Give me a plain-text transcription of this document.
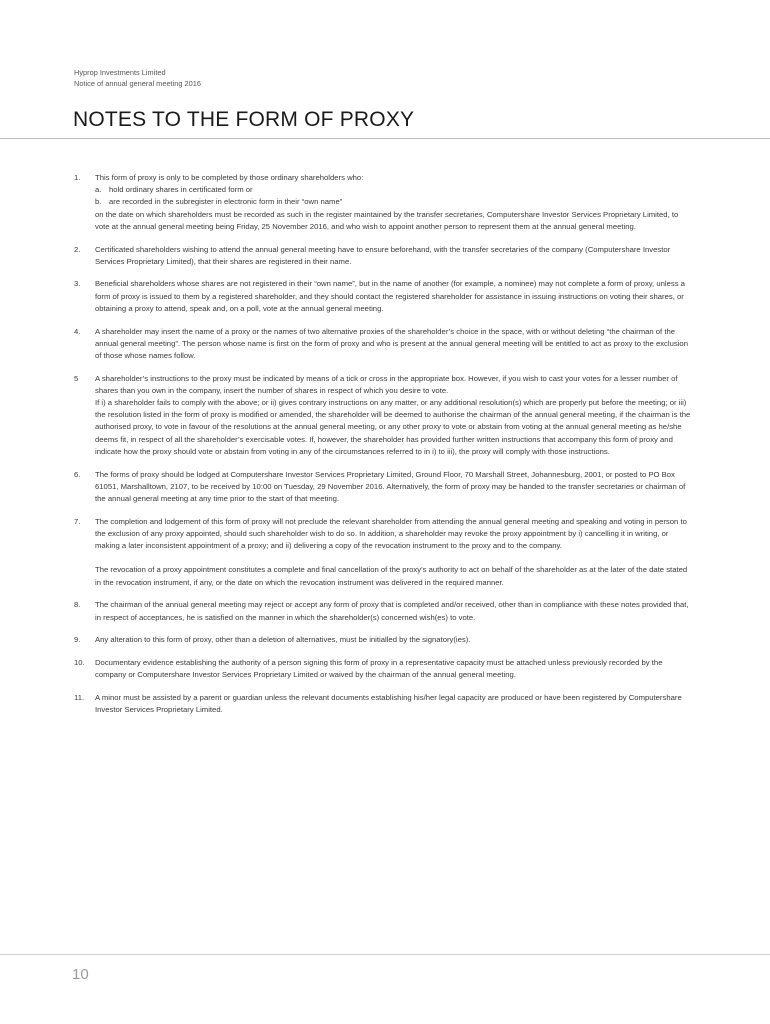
Hyprop Investments Limited
Notice of annual general meeting 2016
NOTES TO THE FORM OF PROXY
1. This form of proxy is only to be completed by those ordinary shareholders who:

a. hold ordinary shares in certificated form or
b. are recorded in the subregister in electronic form in their “own name”

on the date on which shareholders must be recorded as such in the register maintained by the transfer secretaries, Computershare Investor Services Proprietary Limited, to vote at the annual general meeting being Friday, 25 November 2016, and who wish to appoint another person to represent them at the annual general meeting.

2. Certificated shareholders wishing to attend the annual general meeting have to ensure beforehand, with the transfer secretaries of the company (Computershare Investor Services Proprietary Limited), that their shares are registered in their name.

3. Beneficial shareholders whose shares are not registered in their “own name”, but in the name of another (for example, a nominee) may not complete a form of proxy, unless a form of proxy is issued to them by a registered shareholder, and they should contact the registered shareholder for assistance in issuing instructions on voting their shares, or obtaining a proxy to attend, speak and, on a poll, vote at the annual general meeting.

4. A shareholder may insert the name of a proxy or the names of two alternative proxies of the shareholder’s choice in the space, with or without deleting “the chairman of the annual general meeting”. The person whose name is first on the form of proxy and who is present at the annual general meeting will be entitled to act as proxy to the exclusion of those whose names follow.

5 A shareholder’s instructions to the proxy must be indicated by means of a tick or cross in the appropriate box. However, if you wish to cast your votes for a lesser number of shares than you own in the company, insert the number of shares in respect of which you desire to vote.

If i) a shareholder fails to comply with the above; or ii) gives contrary instructions on any matter, or any additional resolution(s) which are properly put before the meeting; or iii) the resolution listed in the form of proxy is modified or amended, the shareholder will be deemed to authorise the chairman of the annual general meeting, if the chairman is the authorised proxy, to vote in favour of the resolutions at the annual general meeting, or any other proxy to vote or abstain from voting at the annual general meeting as he/she deems fit, in respect of all the shareholder’s exercisable votes. If, however, the shareholder has provided further written instructions that accompany this form of proxy and indicate how the proxy should vote or abstain from voting in any of the circumstances referred to in i) to iii), the proxy will comply with those instructions.

6. The forms of proxy should be lodged at Computershare Investor Services Proprietary Limited, Ground Floor, 70 Marshall Street, Johannesburg, 2001, or posted to PO Box 61051, Marshalltown, 2107, to be received by 10:00 on Tuesday, 29 November 2016. Alternatively, the form of proxy may be handed to the transfer secretaries or chairman of the annual general meeting at any time prior to the start of that meeting.

7. The completion and lodgement of this form of proxy will not preclude the relevant shareholder from attending the annual general meeting and speaking and voting in person to the exclusion of any proxy appointed, should such shareholder wish to do so. In addition, a shareholder may revoke the proxy appointment by i) cancelling it in writing, or making a later inconsistent appointment of a proxy; and ii) delivering a copy of the revocation instrument to the proxy and to the company.

The revocation of a proxy appointment constitutes a complete and final cancellation of the proxy’s authority to act on behalf of the shareholder as at the later of the date stated in the revocation instrument, if any, or the date on which the revocation instrument was delivered in the required manner.

8. The chairman of the annual general meeting may reject or accept any form of proxy that is completed and/or received, other than in compliance with these notes provided that, in respect of acceptances, he is satisfied on the manner in which the shareholder(s) concerned wish(es) to vote.

9. Any alteration to this form of proxy, other than a deletion of alternatives, must be initialled by the signatory(ies).

10. Documentary evidence establishing the authority of a person signing this form of proxy in a representative capacity must be attached unless previously recorded by the company or Computershare Investor Services Proprietary Limited or waived by the chairman of the annual general meeting.

11. A minor must be assisted by a parent or guardian unless the relevant documents establishing his/her legal capacity are produced or have been registered by Computershare Investor Services Proprietary Limited.

10
